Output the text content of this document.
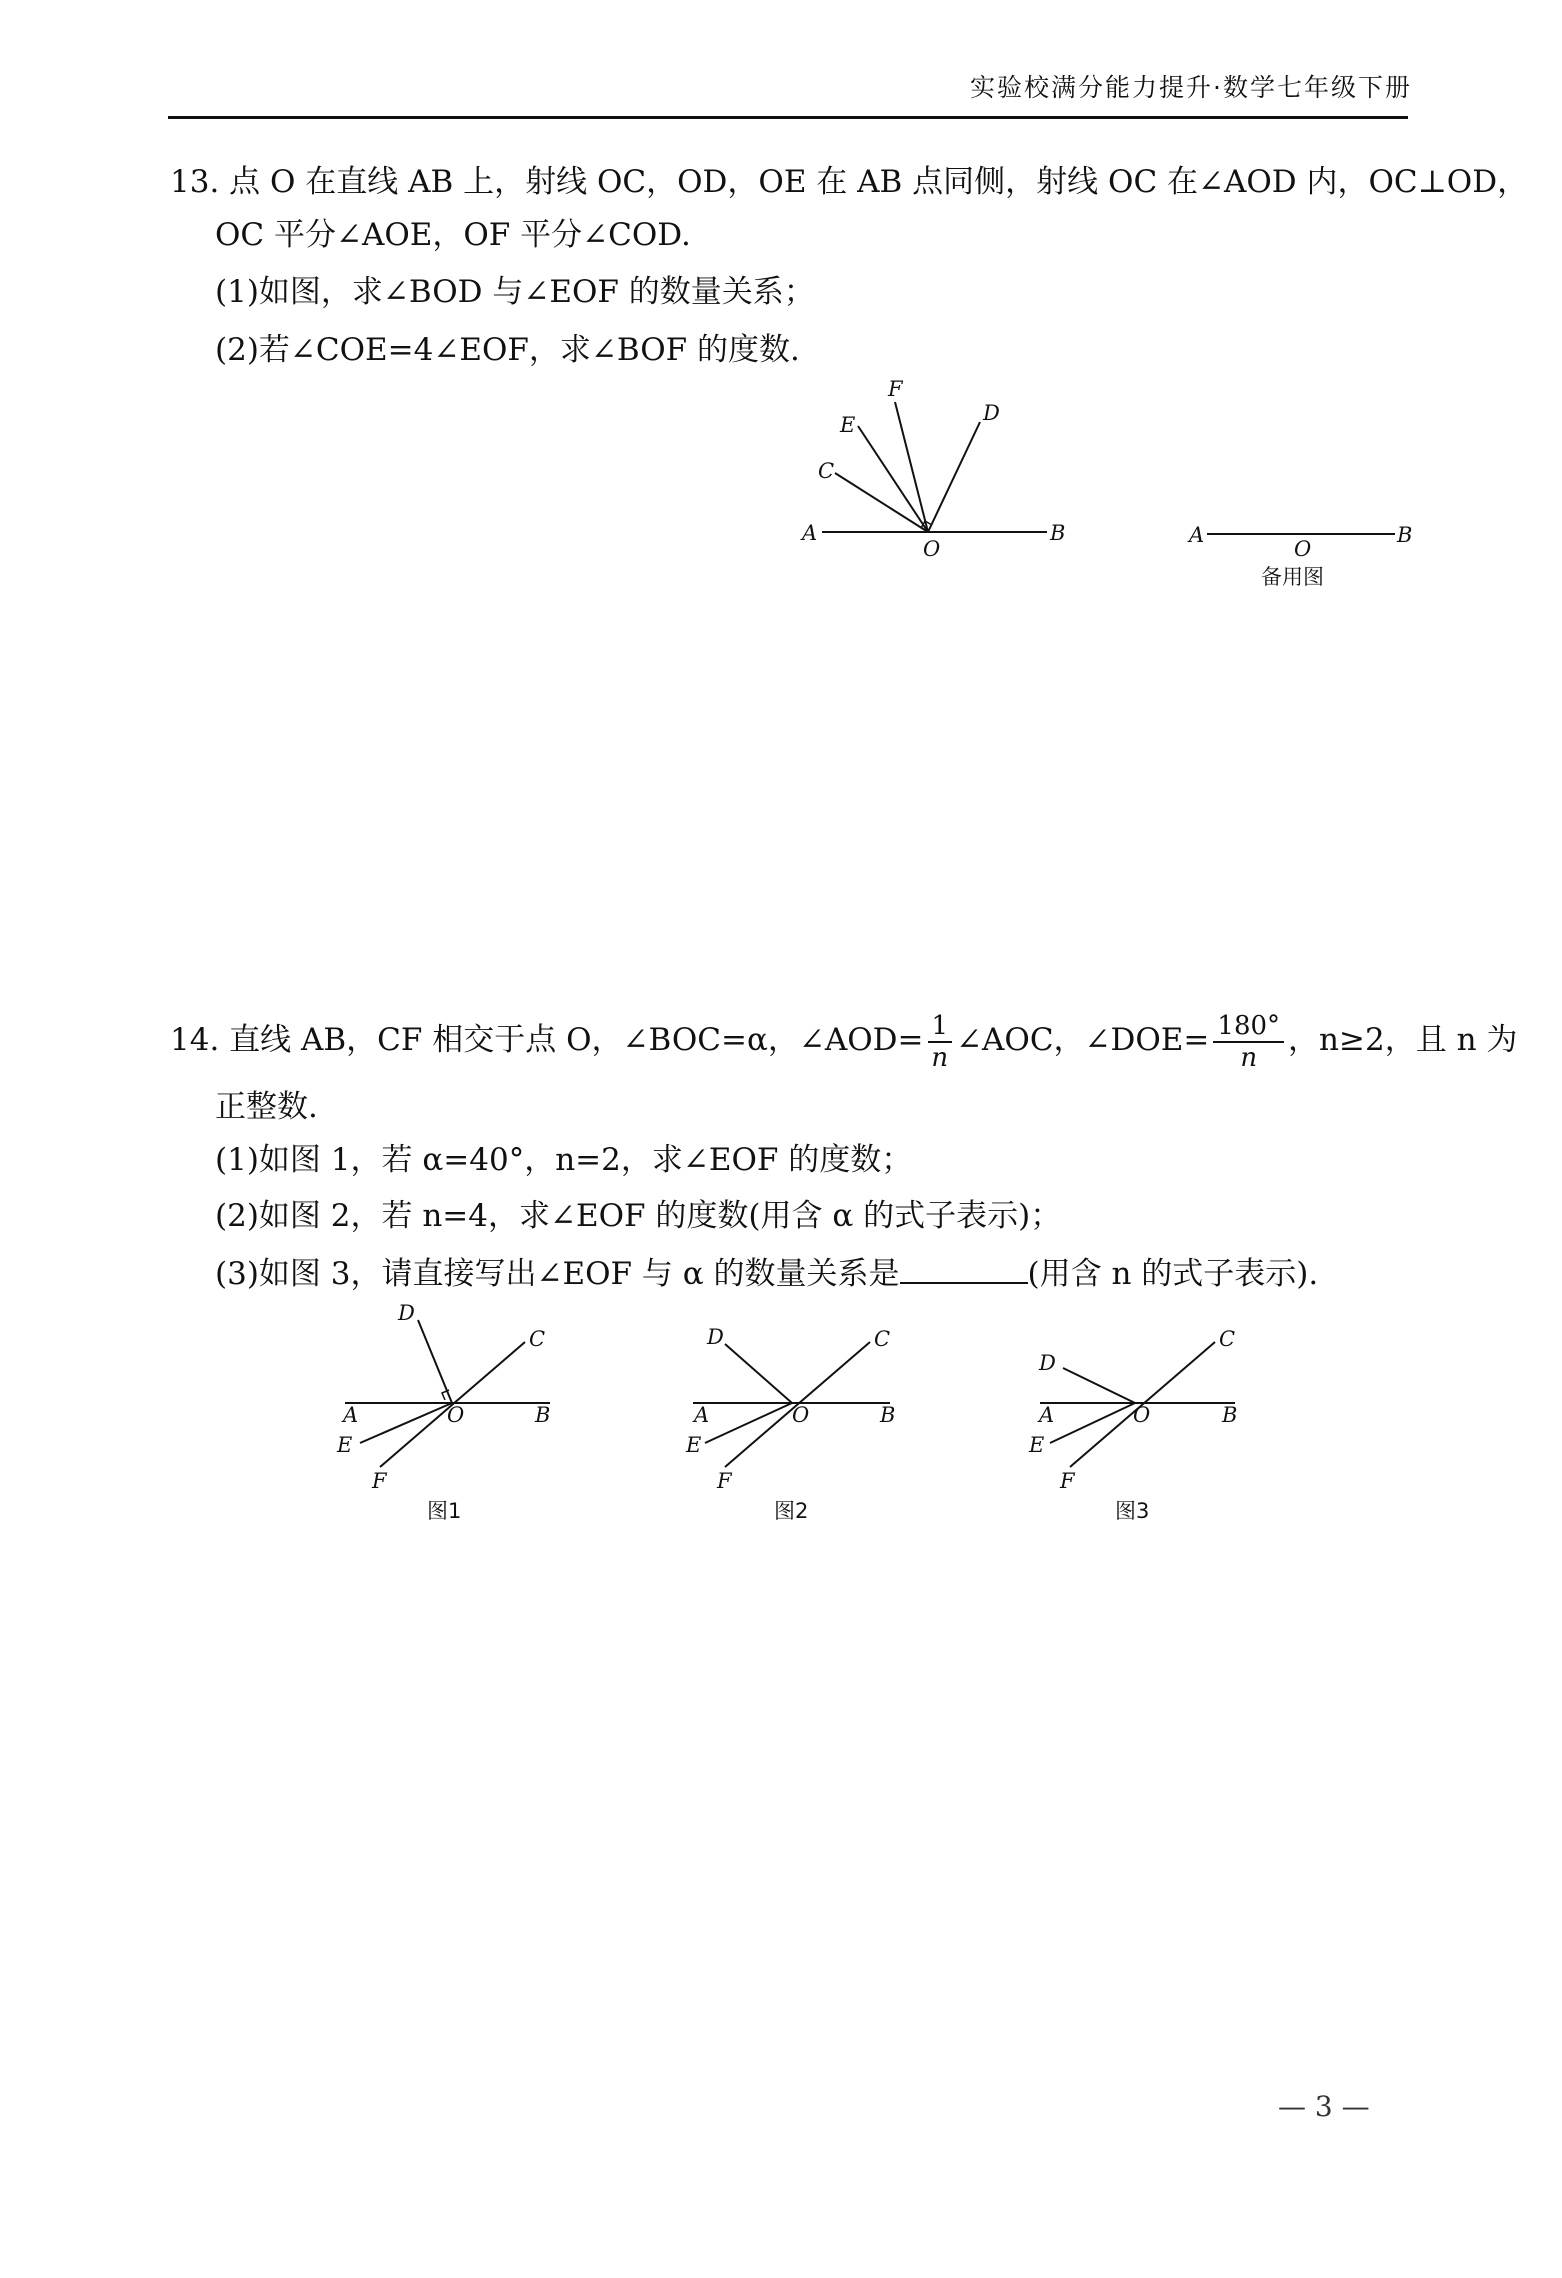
实验校满分能力提升·数学七年级下册
13. 点 O 在直线 AB 上，射线 OC，OD，OE 在 AB 点同侧，射线 OC 在∠AOD 内，OC⊥OD，
OC 平分∠AOE，OF 平分∠COD.
(1)如图，求∠BOD 与∠EOF 的数量关系；
(2)若∠COE=4∠EOF，求∠BOF 的度数.
A	B
O
C
E
F
D
A	B
O
备用图
14. 直线 AB，CF 相交于点 O，∠BOC=α，∠AOD= $\frac{1}{n}$ ∠AOC，∠DOE= $\frac{180^\circ}{n}$ ，n≥2，且 n 为
正整数.
(1)如图 1，若 α=40°，n=2，求∠EOF 的度数；
(2)如图 2，若 n=4，求∠EOF 的度数(用含 α 的式子表示)；
(3)如图 3，请直接写出∠EOF 与 α 的数量关系是	(用含 n 的式子表示).
D
C
A	O	B
E
F
图1
D	C
A	O	B
E
F
图2
D
C
A	O	B
E
F
图3
— 3 —
